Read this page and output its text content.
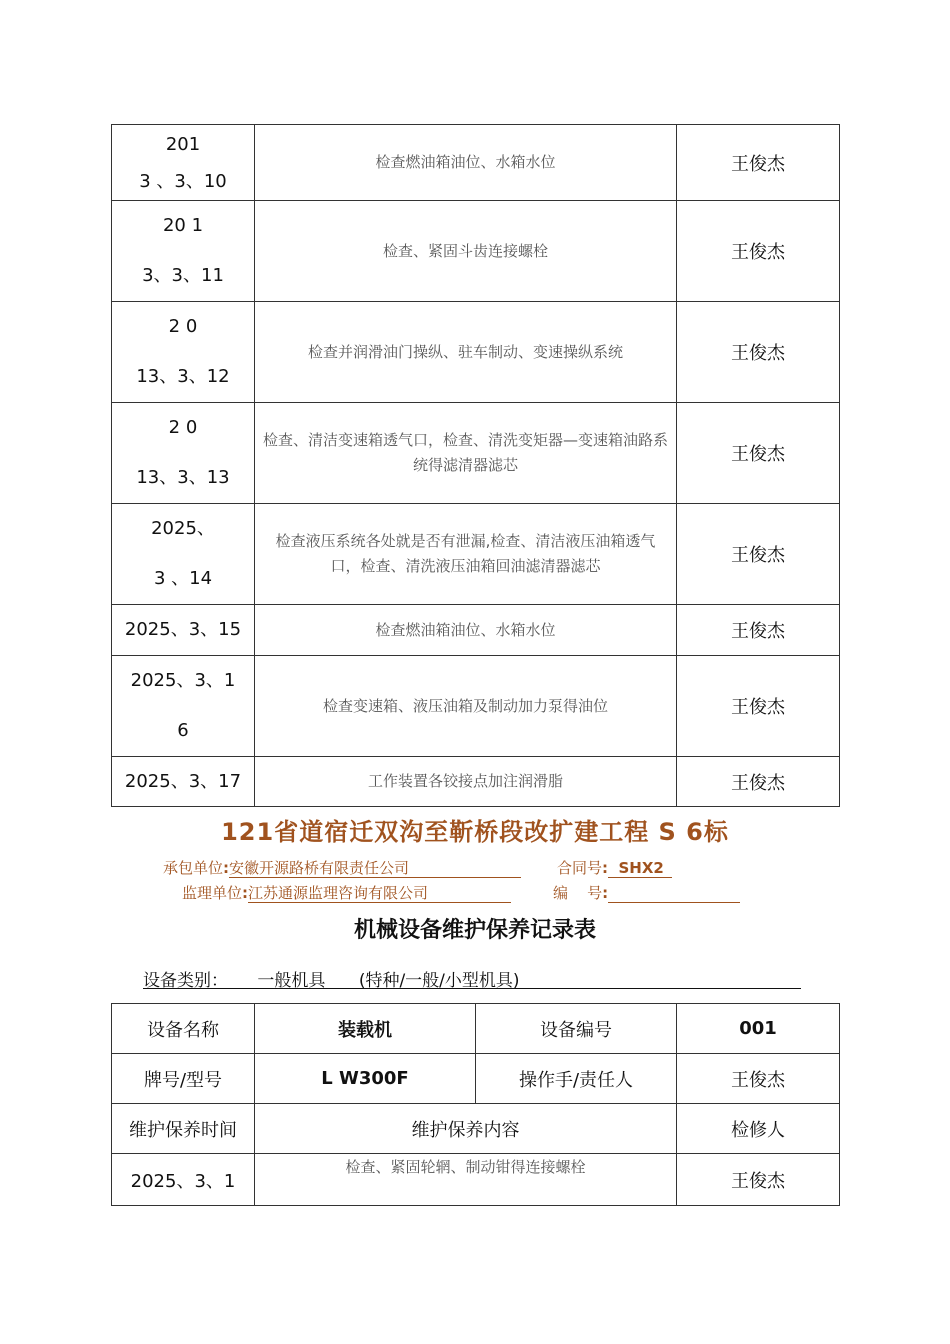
201
3 、3、10	检查燃油箱油位、水箱水位	王俊杰

20 1
3、3、11	检查、紧固斗齿连接螺栓	王俊杰

2 0
13、3、12	检查并润滑油门操纵、驻车制动、变速操纵系统	王俊杰

2 0
13、3、13	检查、清洁变速箱透气口，检查、清洗变矩器—变速箱油路系统得滤清器滤芯	王俊杰

2025、
3 、14	检查液压系统各处就是否有泄漏,检查、清洁液压油箱透气口，检查、清洗液压油箱回油滤清器滤芯	王俊杰

2025、3、15	检查燃油箱油位、水箱水位	王俊杰

2025、3、1
6	检查变速箱、液压油箱及制动加力泵得油位	王俊杰

2025、3、17	工作装置各铰接点加注润滑脂	王俊杰
121省道宿迁双沟至靳桥段改扩建工程 S 6标
承包单位:安徽开源路桥有限责任公司	合同号:  SHX2
监理单位:江苏通源监理咨询有限公司	编    号:
机械设备维护保养记录表
设备类别： 一般机具 (特种/一般/小型机具)
设备名称	装载机	设备编号	001
牌号/型号	L W300F	操作手/责任人	王俊杰
维护保养时间	维护保养内容		检修人
2025、3、1	检查、紧固轮辋、制动钳得连接螺栓		王俊杰
